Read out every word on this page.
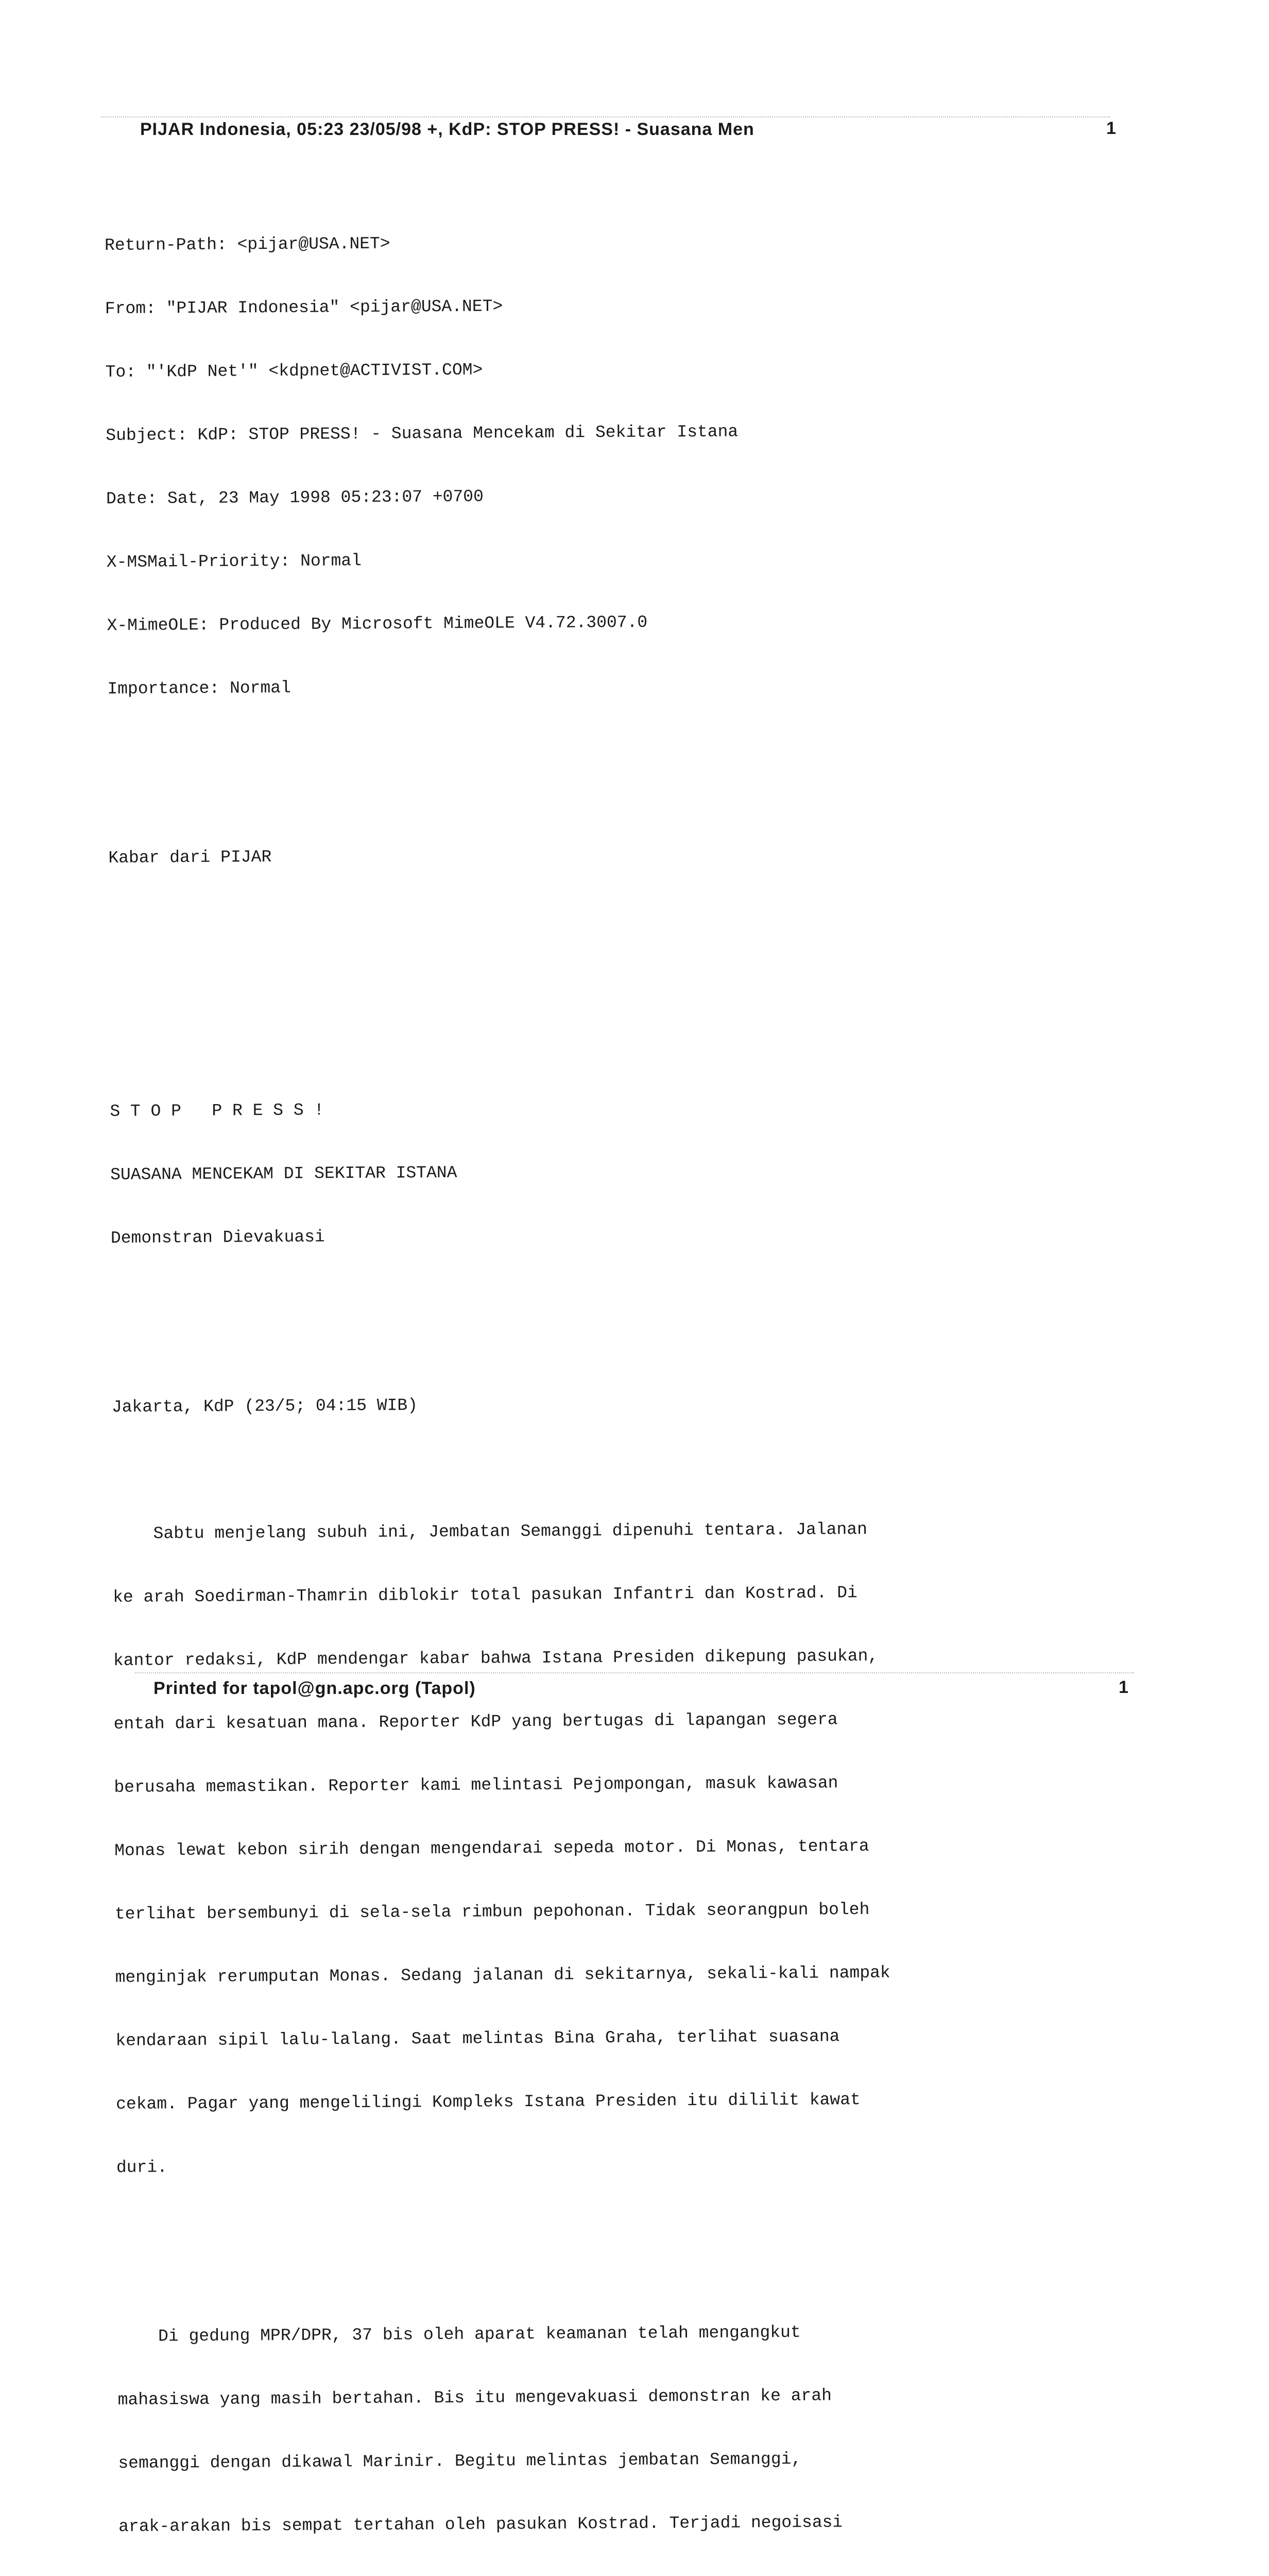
PIJAR Indonesia, 05:23 23/05/98 +, KdP: STOP PRESS! - Suasana Men	1

Return-Path: <pijar@USA.NET>

From: "PIJAR Indonesia" <pijar@USA.NET>

To: "'KdP Net'" <kdpnet@ACTIVIST.COM>

Subject: KdP: STOP PRESS! - Suasana Mencekam di Sekitar Istana

Date: Sat, 23 May 1998 05:23:07 +0700

X-MSMail-Priority: Normal

X-MimeOLE: Produced By Microsoft MimeOLE V4.72.3007.0

Importance: Normal

Kabar dari PIJAR

S T O P   P R E S S !

SUASANA MENCEKAM DI SEKITAR ISTANA

Demonstran Dievakuasi

Jakarta, KdP (23/5; 04:15 WIB)

Sabtu menjelang subuh ini, Jembatan Semanggi dipenuhi tentara. Jalanan

ke arah Soedirman-Thamrin diblokir total pasukan Infantri dan Kostrad. Di

kantor redaksi, KdP mendengar kabar bahwa Istana Presiden dikepung pasukan,

entah dari kesatuan mana. Reporter KdP yang bertugas di lapangan segera

berusaha memastikan. Reporter kami melintasi Pejompongan, masuk kawasan

Monas lewat kebon sirih dengan mengendarai sepeda motor. Di Monas, tentara

terlihat bersembunyi di sela-sela rimbun pepohonan. Tidak seorangpun boleh

menginjak rerumputan Monas. Sedang jalanan di sekitarnya, sekali-kali nampak

kendaraan sipil lalu-lalang. Saat melintas Bina Graha, terlihat suasana

cekam. Pagar yang mengelilingi Kompleks Istana Presiden itu dililit kawat

duri.

Di gedung MPR/DPR, 37 bis oleh aparat keamanan telah mengangkut

mahasiswa yang masih bertahan. Bis itu mengevakuasi demonstran ke arah

semanggi dengan dikawal Marinir. Begitu melintas jembatan Semanggi,

arak-arakan bis sempat tertahan oleh pasukan Kostrad. Terjadi negoisasi

Printed for tapol@gn.apc.org (Tapol)	1
